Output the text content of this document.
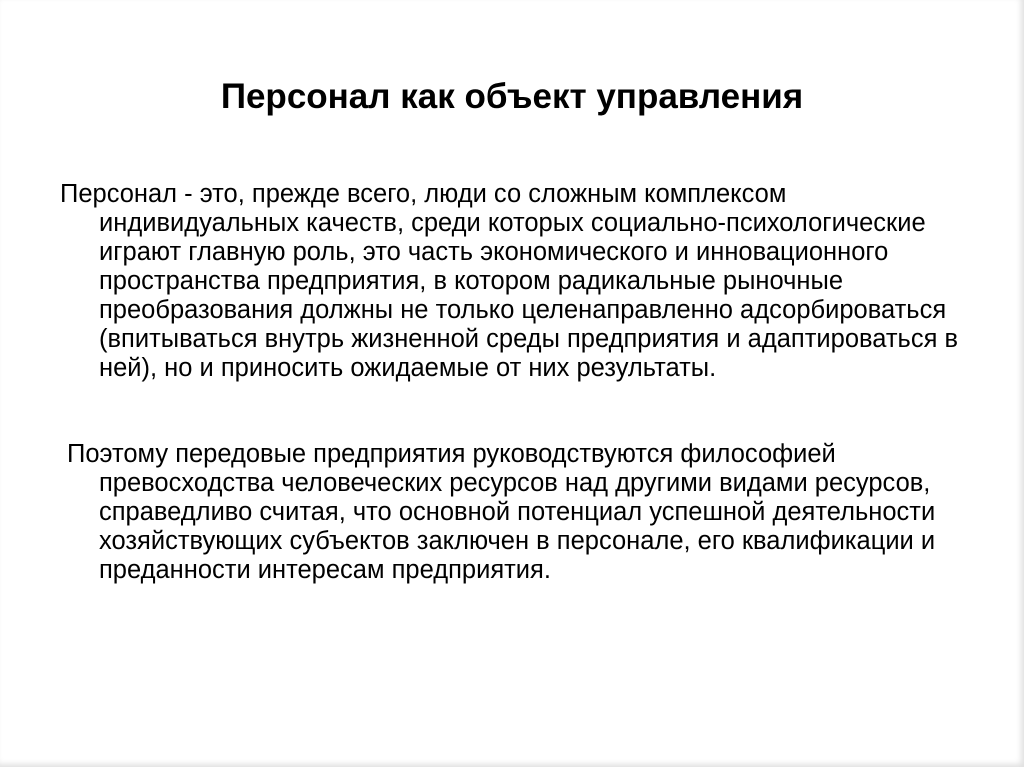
Персонал как объект управления

Персонал - это, прежде всего, люди со сложным комплексом индивидуальных качеств, среди которых социально-психологические играют главную роль, это часть экономического и инновационного пространства предприятия, в котором радикальные рыночные преобразования должны не только целенаправленно адсорбироваться (впитываться внутрь жизненной среды предприятия и адаптироваться в ней), но и приносить ожидаемые от них результаты.

Поэтому передовые предприятия руководствуются философией превосходства человеческих ресурсов над другими видами ресурсов, справедливо считая, что основной потенциал успешной деятельности хозяйствующих субъектов заключен в персонале, его квалификации и преданности интересам предприятия.
